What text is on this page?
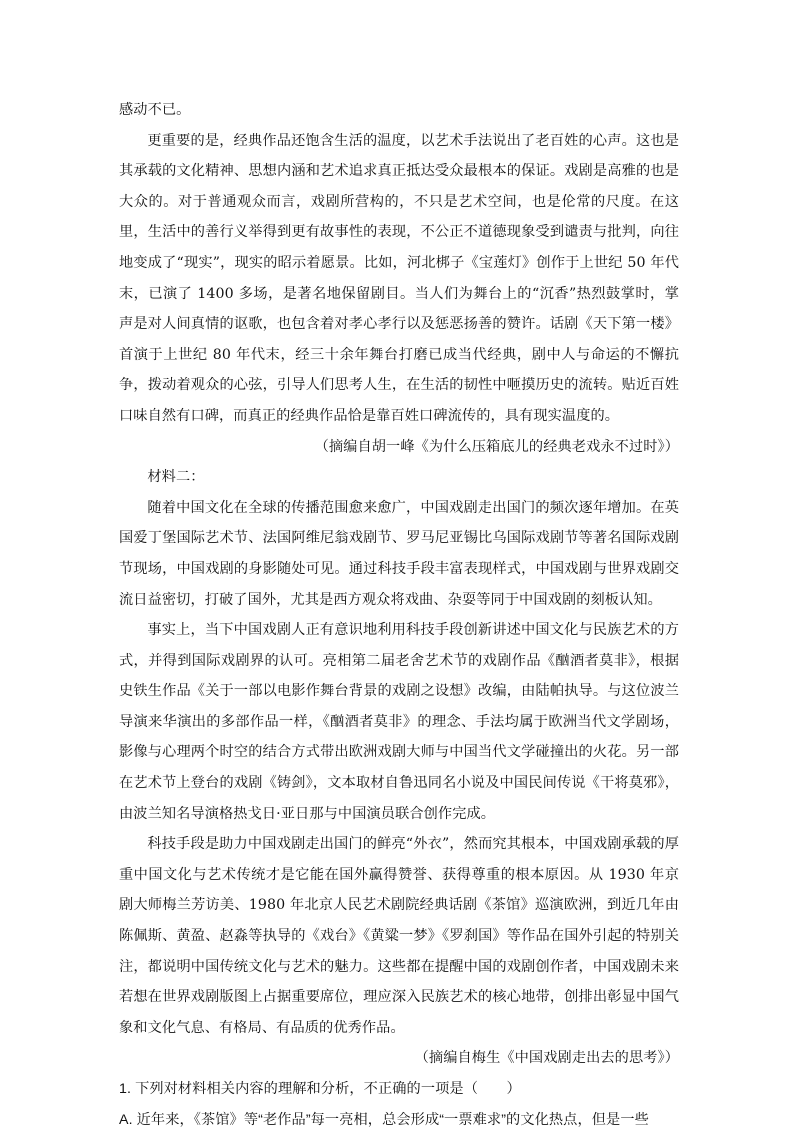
感动不已。

更重要的是，经典作品还饱含生活的温度，以艺术手法说出了老百姓的心声。这也是其承载的文化精神、思想内涵和艺术追求真正抵达受众最根本的保证。戏剧是高雅的也是大众的。对于普通观众而言，戏剧所营构的，不只是艺术空间，也是伦常的尺度。在这里，生活中的善行义举得到更有故事性的表现，不公正不道德现象受到谴责与批判，向往地变成了“现实”，现实的昭示着愿景。比如，河北梆子《宝莲灯》创作于上世纪 50 年代末，已演了 1400 多场，是著名地保留剧目。当人们为舞台上的“沉香”热烈鼓掌时，掌声是对人间真情的讴歌，也包含着对孝心孝行以及惩恶扬善的赞许。话剧《天下第一楼》首演于上世纪 80 年代末，经三十余年舞台打磨已成当代经典，剧中人与命运的不懈抗争，拨动着观众的心弦，引导人们思考人生，在生活的韧性中咂摸历史的流转。贴近百姓口味自然有口碑，而真正的经典作品恰是靠百姓口碑流传的，具有现实温度的。

（摘编自胡一峰《为什么压箱底儿的经典老戏永不过时》）

材料二：

随着中国文化在全球的传播范围愈来愈广，中国戏剧走出国门的频次逐年增加。在英国爱丁堡国际艺术节、法国阿维尼翁戏剧节、罗马尼亚锡比乌国际戏剧节等著名国际戏剧节现场，中国戏剧的身影随处可见。通过科技手段丰富表现样式，中国戏剧与世界戏剧交流日益密切，打破了国外，尤其是西方观众将戏曲、杂耍等同于中国戏剧的刻板认知。

事实上，当下中国戏剧人正有意识地利用科技手段创新讲述中国文化与民族艺术的方式，并得到国际戏剧界的认可。亮相第二届老舍艺术节的戏剧作品《酗酒者莫非》，根据史铁生作品《关于一部以电影作舞台背景的戏剧之设想》改编，由陆帕执导。与这位波兰导演来华演出的多部作品一样，《酗酒者莫非》的理念、手法均属于欧洲当代文学剧场，影像与心理两个时空的结合方式带出欧洲戏剧大师与中国当代文学碰撞出的火花。另一部在艺术节上登台的戏剧《铸剑》，文本取材自鲁迅同名小说及中国民间传说《干将莫邪》，由波兰知名导演格热戈日·亚日那与中国演员联合创作完成。

科技手段是助力中国戏剧走出国门的鲜亮“外衣”，然而究其根本，中国戏剧承载的厚重中国文化与艺术传统才是它能在国外赢得赞誉、获得尊重的根本原因。从 1930 年京剧大师梅兰芳访美、1980 年北京人民艺术剧院经典话剧《茶馆》巡演欧洲，到近几年由陈佩斯、黄盈、赵淼等执导的《戏台》《黄粱一梦》《罗刹国》等作品在国外引起的特别关注，都说明中国传统文化与艺术的魅力。这些都在提醒中国的戏剧创作者，中国戏剧未来若想在世界戏剧版图上占据重要席位，理应深入民族艺术的核心地带，创排出彰显中国气象和文化气息、有格局、有品质的优秀作品。

（摘编自梅生《中国戏剧走出去的思考》）

1. 下列对材料相关内容的理解和分析，不正确的一项是（　　）

A. 近年来，《茶馆》等“老作品”每一亮相，总会形成“一票难求”的文化热点，但是一些
